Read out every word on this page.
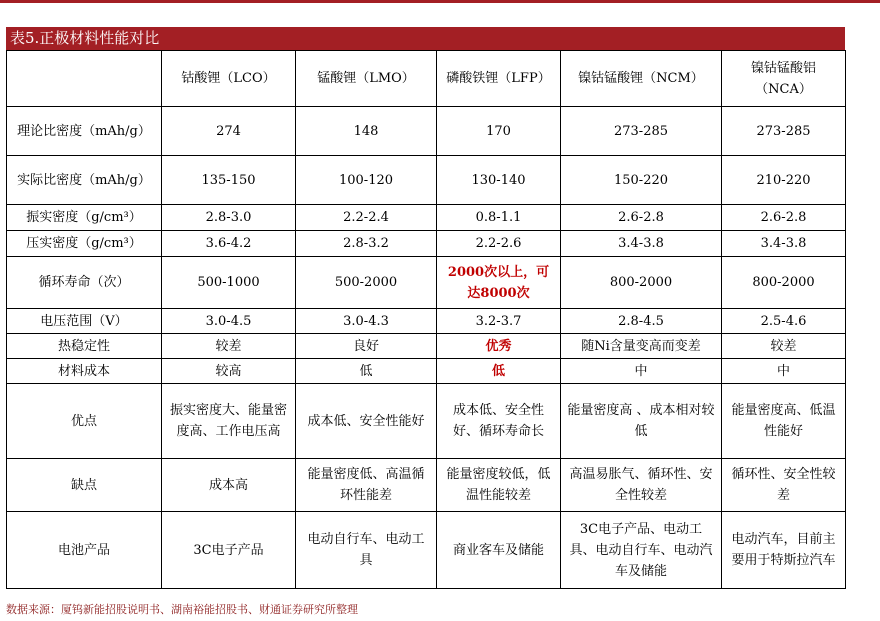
表5.正极材料性能对比
	钴酸锂（LCO）	锰酸锂（LMO）	磷酸铁锂（LFP）	镍钴锰酸锂（NCM）	镍钴锰酸铝（NCA）
理论比密度（mAh/g）	274	148	170	273-285	273-285
实际比密度（mAh/g）	135-150	100-120	130-140	150-220	210-220
振实密度（g/cm³）	2.8-3.0	2.2-2.4	0.8-1.1	2.6-2.8	2.6-2.8
压实密度（g/cm³）	3.6-4.2	2.8-3.2	2.2-2.6	3.4-3.8	3.4-3.8
循环寿命（次）	500-1000	500-2000	2000次以上，可达8000次	800-2000	800-2000
电压范围（V）	3.0-4.5	3.0-4.3	3.2-3.7	2.8-4.5	2.5-4.6
热稳定性	较差	良好	优秀	随Ni含量变高而变差	较差
材料成本	较高	低	低	中	中
优点	振实密度大、能量密度高、工作电压高	成本低、安全性能好	成本低、安全性好、循环寿命长	能量密度高 、成本相对较低	能量密度高、低温性能好
缺点	成本高	能量密度低、高温循环性能差	能量密度较低，低温性能较差	高温易胀气、循环性、安全性较差	循环性、安全性较差
电池产品	3C电子产品	电动自行车、电动工具	商业客车及储能	3C电子产品、电动工具、电动自行车、电动汽车及储能	电动汽车，目前主要用于特斯拉汽车
数据来源：厦钨新能招股说明书、湖南裕能招股书、财通证券研究所整理
